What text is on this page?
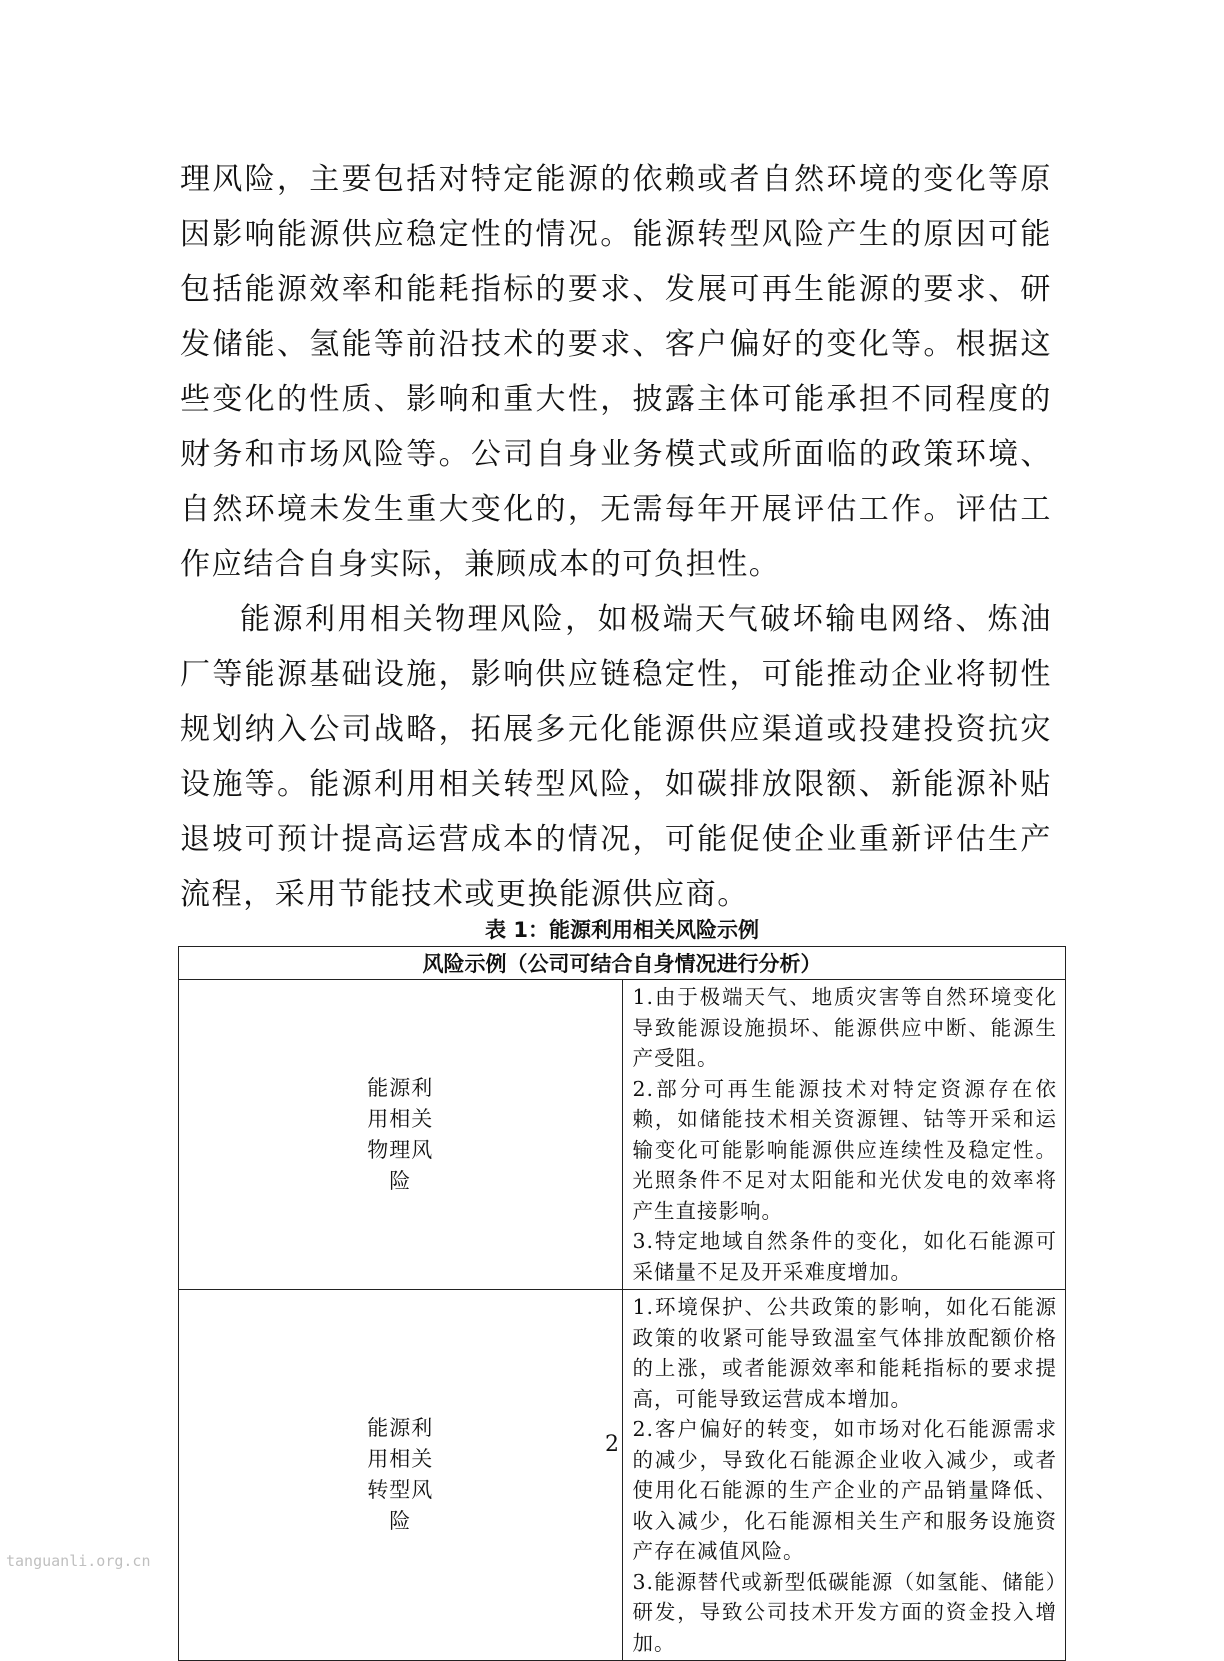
理风险，主要包括对特定能源的依赖或者自然环境的变化等原因影响能源供应稳定性的情况。能源转型风险产生的原因可能包括能源效率和能耗指标的要求、发展可再生能源的要求、研发储能、氢能等前沿技术的要求、客户偏好的变化等。根据这些变化的性质、影响和重大性，披露主体可能承担不同程度的财务和市场风险等。公司自身业务模式或所面临的政策环境、自然环境未发生重大变化的，无需每年开展评估工作。评估工作应结合自身实际，兼顾成本的可负担性。

能源利用相关物理风险，如极端天气破坏输电网络、炼油厂等能源基础设施，影响供应链稳定性，可能推动企业将韧性规划纳入公司战略，拓展多元化能源供应渠道或投建投资抗灾设施等。能源利用相关转型风险，如碳排放限额、新能源补贴退坡可预计提高运营成本的情况，可能促使企业重新评估生产流程，采用节能技术或更换能源供应商。

表 1：能源利用相关风险示例
风险示例（公司可结合自身情况进行分析）	

能源利用相关物理风险	1.由于极端天气、地质灾害等自然环境变化导致能源设施损坏、能源供应中断、能源生产受阻。
2.部分可再生能源技术对特定资源存在依赖，如储能技术相关资源锂、钴等开采和运输变化可能影响能源供应连续性及稳定性。光照条件不足对太阳能和光伏发电的效率将产生直接影响。
3.特定地域自然条件的变化，如化石能源可采储量不足及开采难度增加。

能源利用相关转型风险	1.环境保护、公共政策的影响，如化石能源政策的收紧可能导致温室气体排放配额价格的上涨，或者能源效率和能耗指标的要求提高，可能导致运营成本增加。
2.客户偏好的转变，如市场对化石能源需求的减少，导致化石能源企业收入减少，或者使用化石能源的生产企业的产品销量降低、收入减少，化石能源相关生产和服务设施资产存在减值风险。
3.能源替代或新型低碳能源（如氢能、储能）研发，导致公司技术开发方面的资金投入增加。
2
tanguanli.org.cn
